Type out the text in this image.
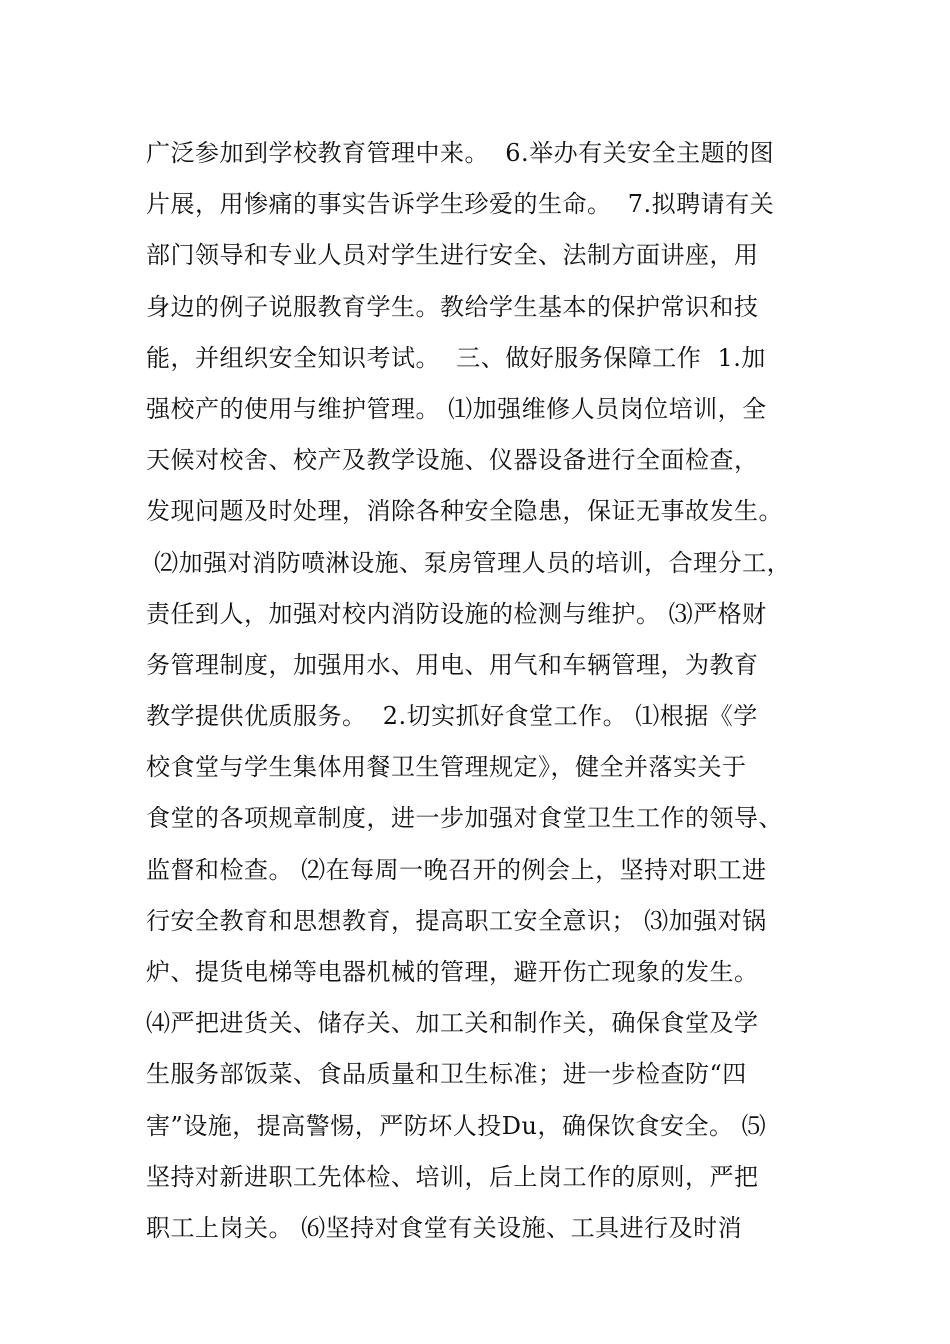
广泛参加到学校教育管理中来。  6.举办有关安全主题的图
片展，用惨痛的事实告诉学生珍爱的生命。  7.拟聘请有关
部门领导和专业人员对学生进行安全、法制方面讲座，用
身边的例子说服教育学生。教给学生基本的保护常识和技
能，并组织安全知识考试。  三、做好服务保障工作  1.加
强校产的使用与维护管理。 ⑴加强维修人员岗位培训，全
天候对校舍、校产及教学设施、仪器设备进行全面检查，
发现问题及时处理，消除各种安全隐患，保证无事故发生。
⑵加强对消防喷淋设施、泵房管理人员的培训，合理分工，
责任到人，加强对校内消防设施的检测与维护。 ⑶严格财
务管理制度，加强用水、用电、用气和车辆管理，为教育
教学提供优质服务。  2.切实抓好食堂工作。 ⑴根据《学
校食堂与学生集体用餐卫生管理规定》，健全并落实关于
食堂的各项规章制度，进一步加强对食堂卫生工作的领导、
监督和检查。 ⑵在每周一晚召开的例会上，坚持对职工进
行安全教育和思想教育，提高职工安全意识； ⑶加强对锅
炉、提货电梯等电器机械的管理，避开伤亡现象的发生。
⑷严把进货关、储存关、加工关和制作关，确保食堂及学
生服务部饭菜、食品质量和卫生标准；进一步检查防“四
害”设施，提高警惕，严防坏人投Du，确保饮食安全。 ⑸
坚持对新进职工先体检、培训，后上岗工作的原则，严把
职工上岗关。 ⑹坚持对食堂有关设施、工具进行及时消
